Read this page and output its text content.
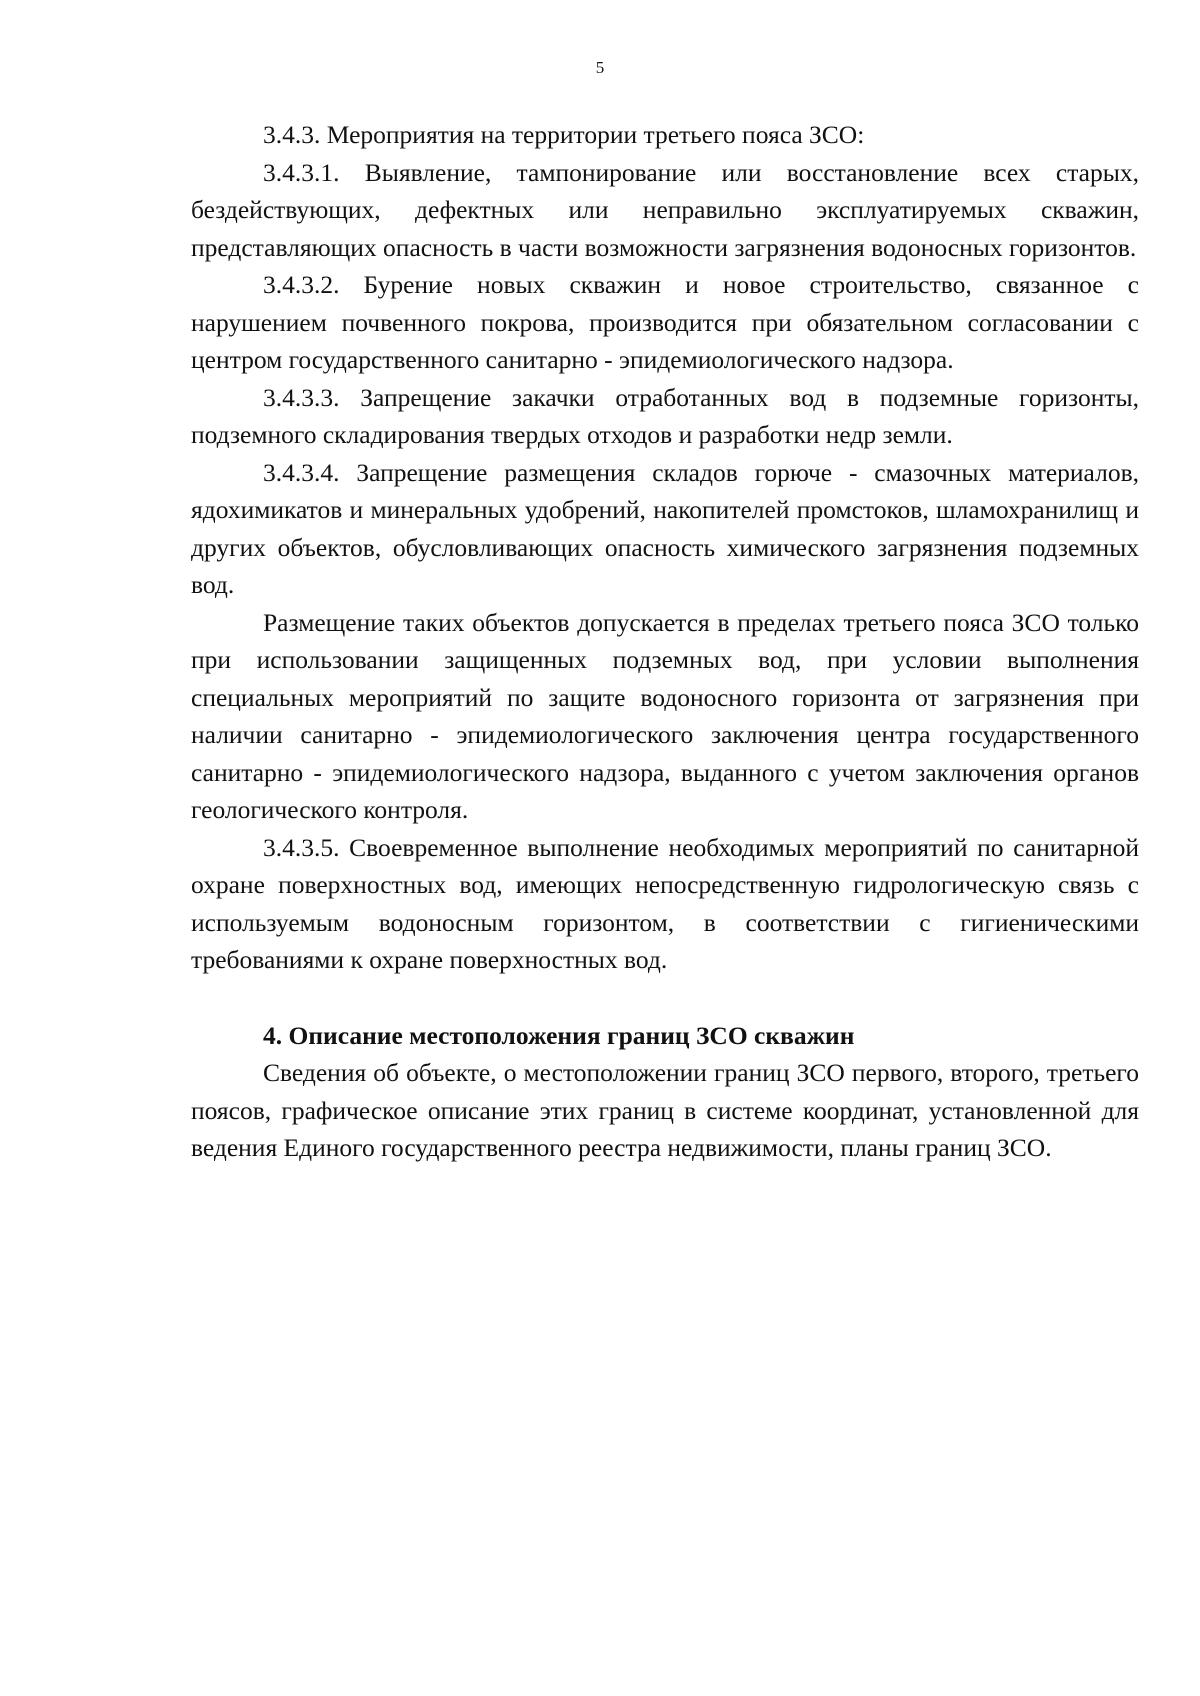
5

3.4.3. Мероприятия на территории третьего пояса ЗСО:

3.4.3.1. Выявление, тампонирование или восстановление всех старых, бездействующих, дефектных или неправильно эксплуатируемых скважин, представляющих опасность в части возможности загрязнения водоносных горизонтов.

3.4.3.2. Бурение новых скважин и новое строительство, связанное с нарушением почвенного покрова, производится при обязательном согласовании с центром государственного санитарно - эпидемиологического надзора.

3.4.3.3. Запрещение закачки отработанных вод в подземные горизонты, подземного складирования твердых отходов и разработки недр земли.

3.4.3.4. Запрещение размещения складов горюче - смазочных материалов, ядохимикатов и минеральных удобрений, накопителей промстоков, шламохранилищ и других объектов, обусловливающих опасность химического загрязнения подземных вод.

Размещение таких объектов допускается в пределах третьего пояса ЗСО только при использовании защищенных подземных вод, при условии выполнения специальных мероприятий по защите водоносного горизонта от загрязнения при наличии санитарно - эпидемиологического заключения центра государственного санитарно - эпидемиологического надзора, выданного с учетом заключения органов геологического контроля.

3.4.3.5. Своевременное выполнение необходимых мероприятий по санитарной охране поверхностных вод, имеющих непосредственную гидрологическую связь с используемым водоносным горизонтом, в соответствии с гигиеническими требованиями к охране поверхностных вод.

4. Описание местоположения границ ЗСО скважин

Сведения об объекте, о местоположении границ ЗСО первого, второго, третьего поясов, графическое описание этих границ в системе координат, установленной для ведения Единого государственного реестра недвижимости, планы границ ЗСО.
